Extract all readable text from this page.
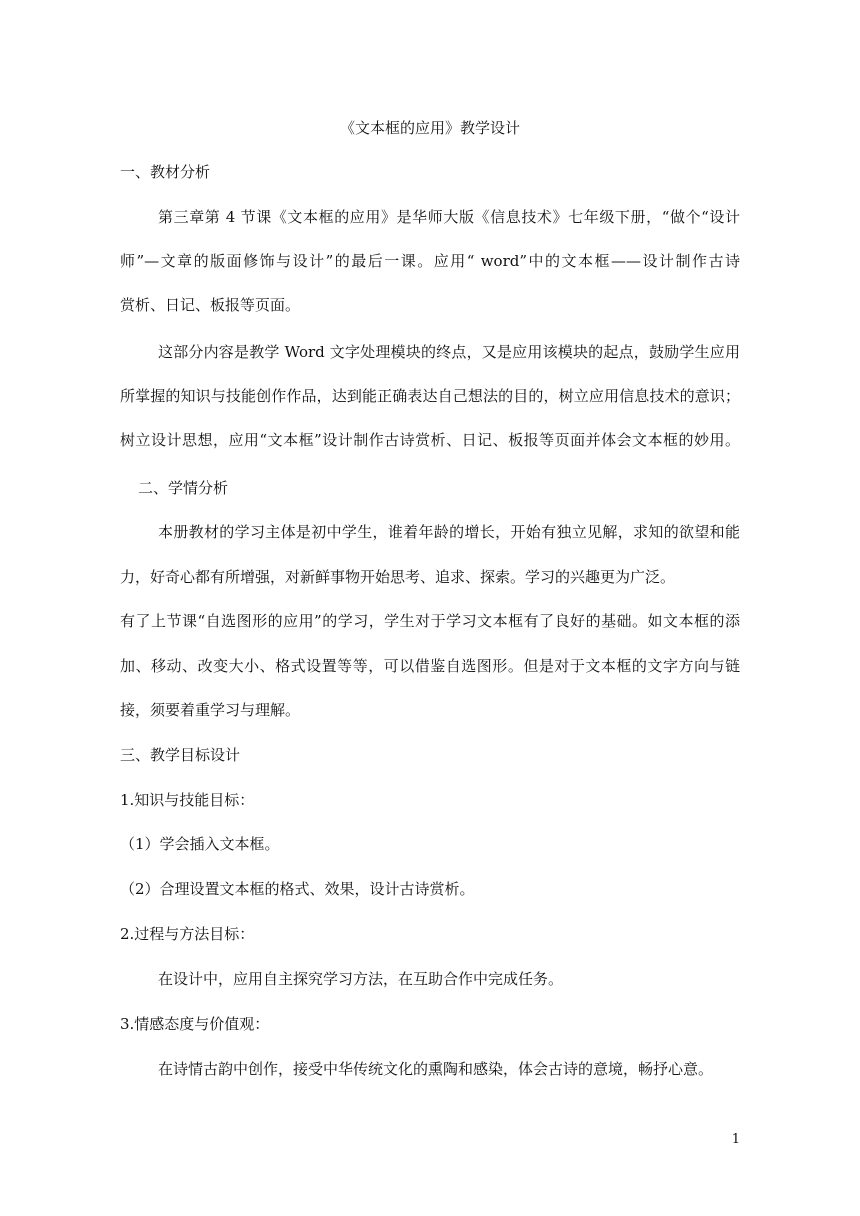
《文本框的应用》教学设计
一、教材分析
第三章第 4 节课《文本框的应用》是华师大版《信息技术》七年级下册，“做个“设计
师”—文章的版面修饰与设计”的最后一课。应用“ word”中的文本框——设计制作古诗
赏析、日记、板报等页面。
这部分内容是教学 Word 文字处理模块的终点，又是应用该模块的起点，鼓励学生应用
所掌握的知识与技能创作作品，达到能正确表达自己想法的目的，树立应用信息技术的意识；
树立设计思想，应用“文本框”设计制作古诗赏析、日记、板报等页面并体会文本框的妙用。
二、学情分析
本册教材的学习主体是初中学生，谁着年龄的增长，开始有独立见解，求知的欲望和能
力，好奇心都有所增强，对新鲜事物开始思考、追求、探索。学习的兴趣更为广泛。
有了上节课“自选图形的应用”的学习，学生对于学习文本框有了良好的基础。如文本框的添
加、移动、改变大小、格式设置等等，可以借鉴自选图形。但是对于文本框的文字方向与链
接，须要着重学习与理解。
三、教学目标设计
1.知识与技能目标：
（1）学会插入文本框。
（2）合理设置文本框的格式、效果，设计古诗赏析。
2.过程与方法目标：
在设计中，应用自主探究学习方法，在互助合作中完成任务。
3.情感态度与价值观：
在诗情古韵中创作，接受中华传统文化的熏陶和感染，体会古诗的意境，畅抒心意。
1
